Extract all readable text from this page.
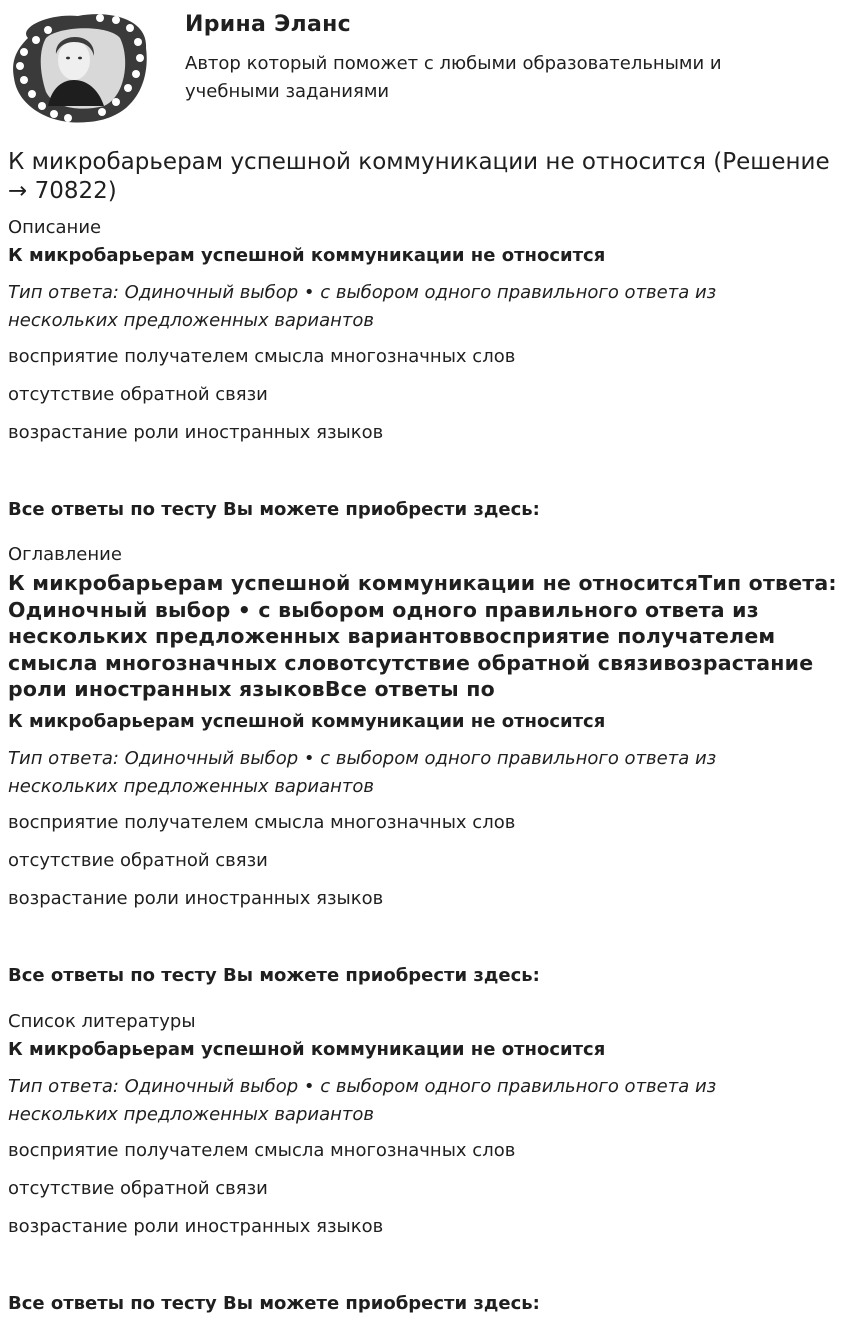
Ирина Эланс
Автор который поможет с любыми образовательными и учебными заданиями
К микробарьерам успешной коммуникации не относится (Решение → 70822)
Описание
К микробарьерам успешной коммуникации не относится
Тип ответа: Одиночный выбор • с выбором одного правильного ответа из нескольких предложенных вариантов
восприятие получателем смысла многозначных слов
отсутствие обратной связи
возрастание роли иностранных языков
Все ответы по тесту Вы можете приобрести здесь:
Оглавление
К микробарьерам успешной коммуникации не относитсяТип ответа: Одиночный выбор • с выбором одного правильного ответа из нескольких предложенных вариантоввосприятие получателем смысла многозначных словотсутствие обратной связивозрастание роли иностранных языковВсе ответы по
К микробарьерам успешной коммуникации не относится
Тип ответа: Одиночный выбор • с выбором одного правильного ответа из нескольких предложенных вариантов
восприятие получателем смысла многозначных слов
отсутствие обратной связи
возрастание роли иностранных языков
Все ответы по тесту Вы можете приобрести здесь:
Список литературы
К микробарьерам успешной коммуникации не относится
Тип ответа: Одиночный выбор • с выбором одного правильного ответа из нескольких предложенных вариантов
восприятие получателем смысла многозначных слов
отсутствие обратной связи
возрастание роли иностранных языков
Все ответы по тесту Вы можете приобрести здесь:
